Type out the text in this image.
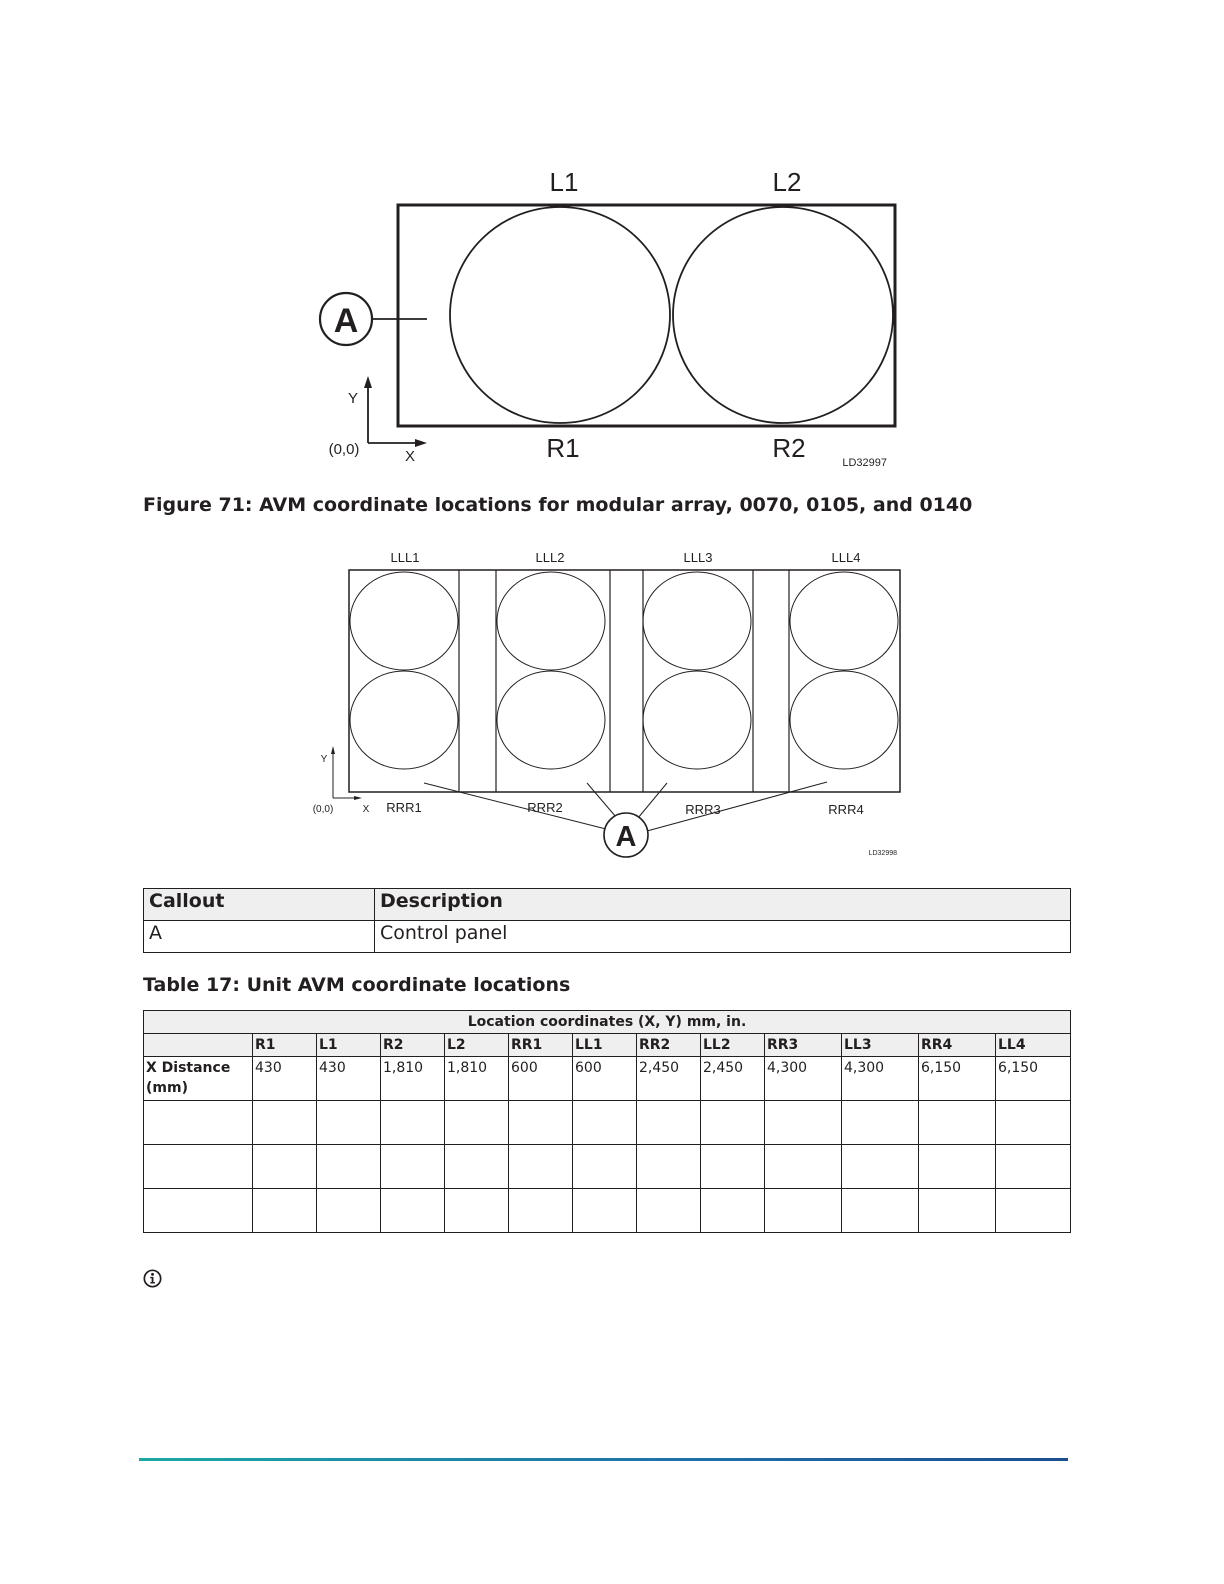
L1	L2
A
Y
X
(0,0)	R1	R2	LD32997
Figure 71: AVM coordinate locations for modular array, 0070, 0105, and 0140
LLL1	LLL2	LLL3	LLL4
Y
X
(0,0)	RRR1	RRR2	RRR3	RRR4
A
LD32998
Callout	Description
A	Control panel
Table 17: Unit AVM coordinate locations
Location coordinates (X, Y) mm, in.												
	R1	L1	R2	L2	RR1	LL1	RR2	LL2	RR3	LL3	RR4	LL4
X Distance (mm)	430	430	1,810	1,810	600	600	2,450	2,450	4,300	4,300	6,150	6,150
